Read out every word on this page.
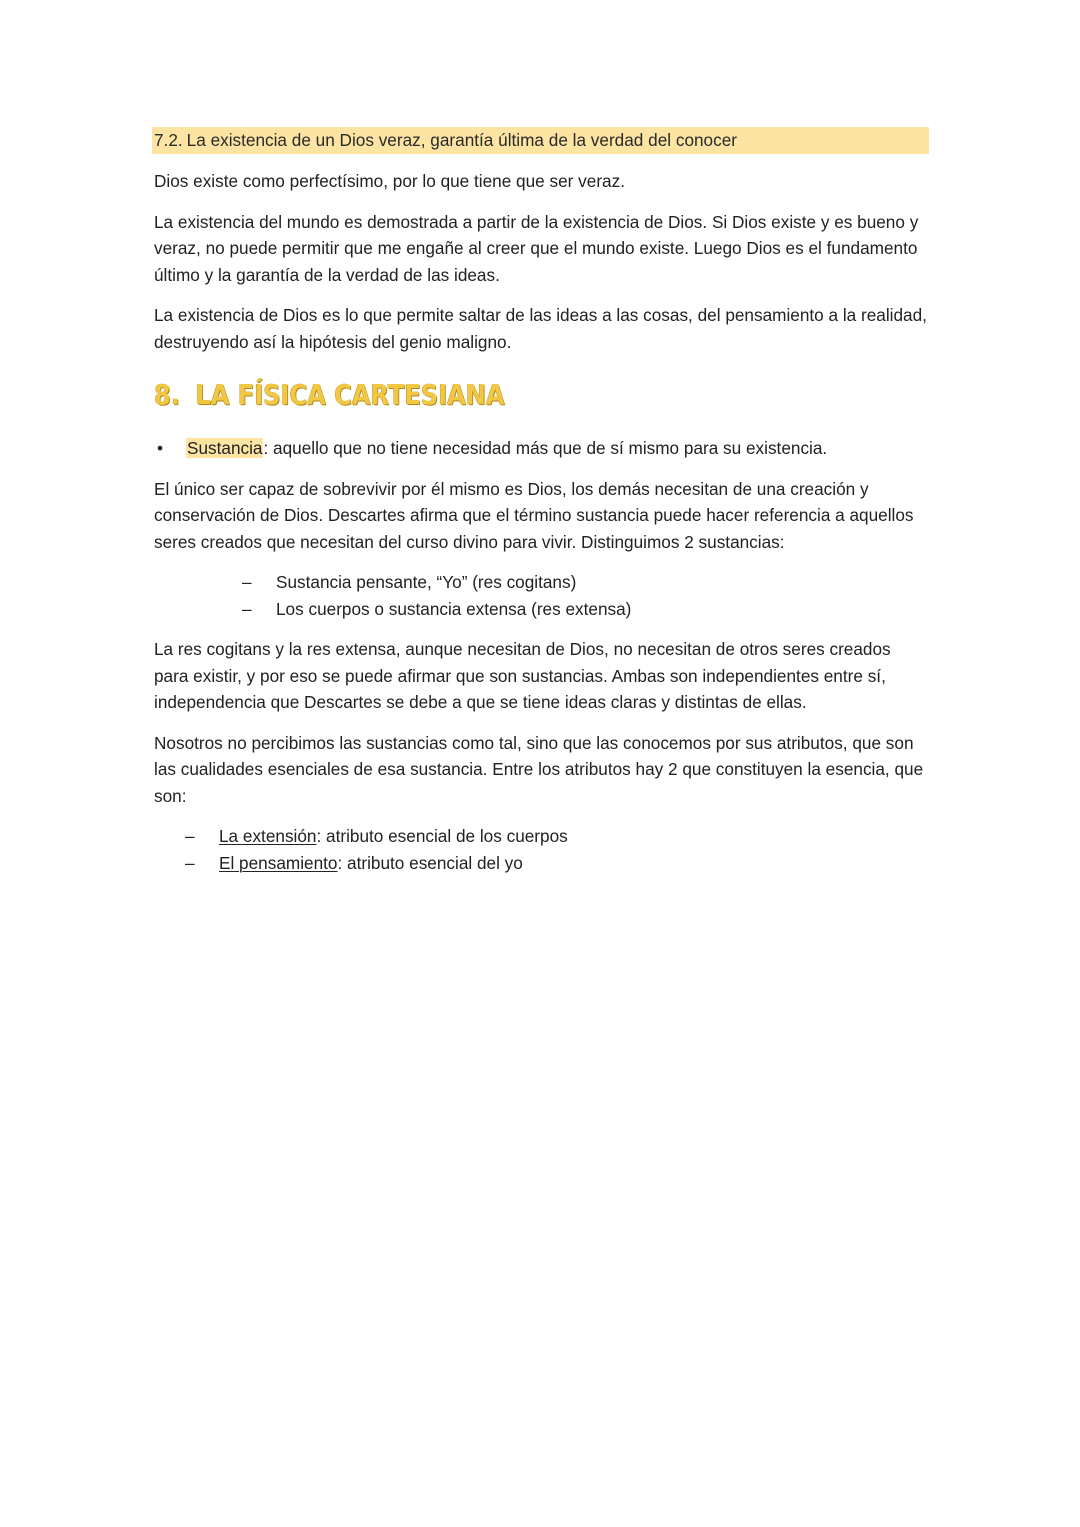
7.2. La existencia de un Dios veraz, garantía última de la verdad del conocer

Dios existe como perfectísimo, por lo que tiene que ser veraz.

La existencia del mundo es demostrada a partir de la existencia de Dios. Si Dios existe y es bueno y veraz, no puede permitir que me engañe al creer que el mundo existe. Luego Dios es el fundamento último y la garantía de la verdad de las ideas.

La existencia de Dios es lo que permite saltar de las ideas a las cosas, del pensamiento a la realidad, destruyendo así la hipótesis del genio maligno.

8. LA FÍSICA CARTESIANA
• Sustancia: aquello que no tiene necesidad más que de sí mismo para su existencia.

El único ser capaz de sobrevivir por él mismo es Dios, los demás necesitan de una creación y conservación de Dios. Descartes afirma que el término sustancia puede hacer referencia a aquellos seres creados que necesitan del curso divino para vivir. Distinguimos 2 sustancias:

– Sustancia pensante, “Yo” (res cogitans)
– Los cuerpos o sustancia extensa (res extensa)

La res cogitans y la res extensa, aunque necesitan de Dios, no necesitan de otros seres creados para existir, y por eso se puede afirmar que son sustancias. Ambas son independientes entre sí, independencia que Descartes se debe a que se tiene ideas claras y distintas de ellas.

Nosotros no percibimos las sustancias como tal, sino que las conocemos por sus atributos, que son las cualidades esenciales de esa sustancia. Entre los atributos hay 2 que constituyen la esencia, que son:

– La extensión: atributo esencial de los cuerpos
– El pensamiento: atributo esencial del yo
